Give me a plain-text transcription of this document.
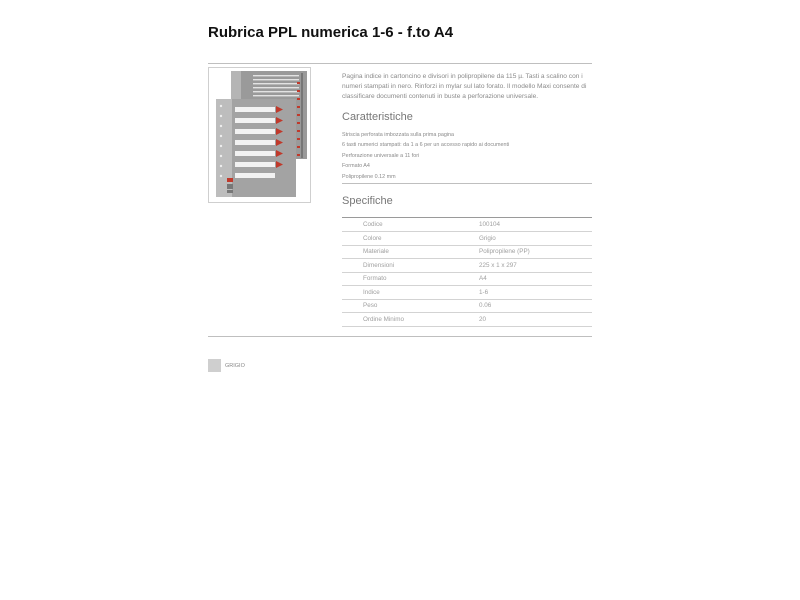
Rubrica PPL numerica 1-6 - f.to A4

Pagina indice in cartoncino e divisori in polipropilene da 115 µ. Tasti a scalino con i numeri stampati in nero. Rinforzi in mylar sul lato forato. Il modello Maxi consente di classificare documenti contenuti in buste a perforazione universale.

Caratteristiche
Striscia perforata imbozzata sulla prima pagina
6 tasti numerici stampati: da 1 a 6 per un accesso rapido ai documenti
Perforazione universale a 11 fori
Formato A4
Polipropilene 0.12 mm
Specifiche
Codice	100104
Colore	Grigio
Materiale	Polipropilene (PP)
Dimensioni	225 x 1 x 297
Formato	A4
Indice	1-6
Peso	0.06
Ordine Minimo	20
GRIGIO
